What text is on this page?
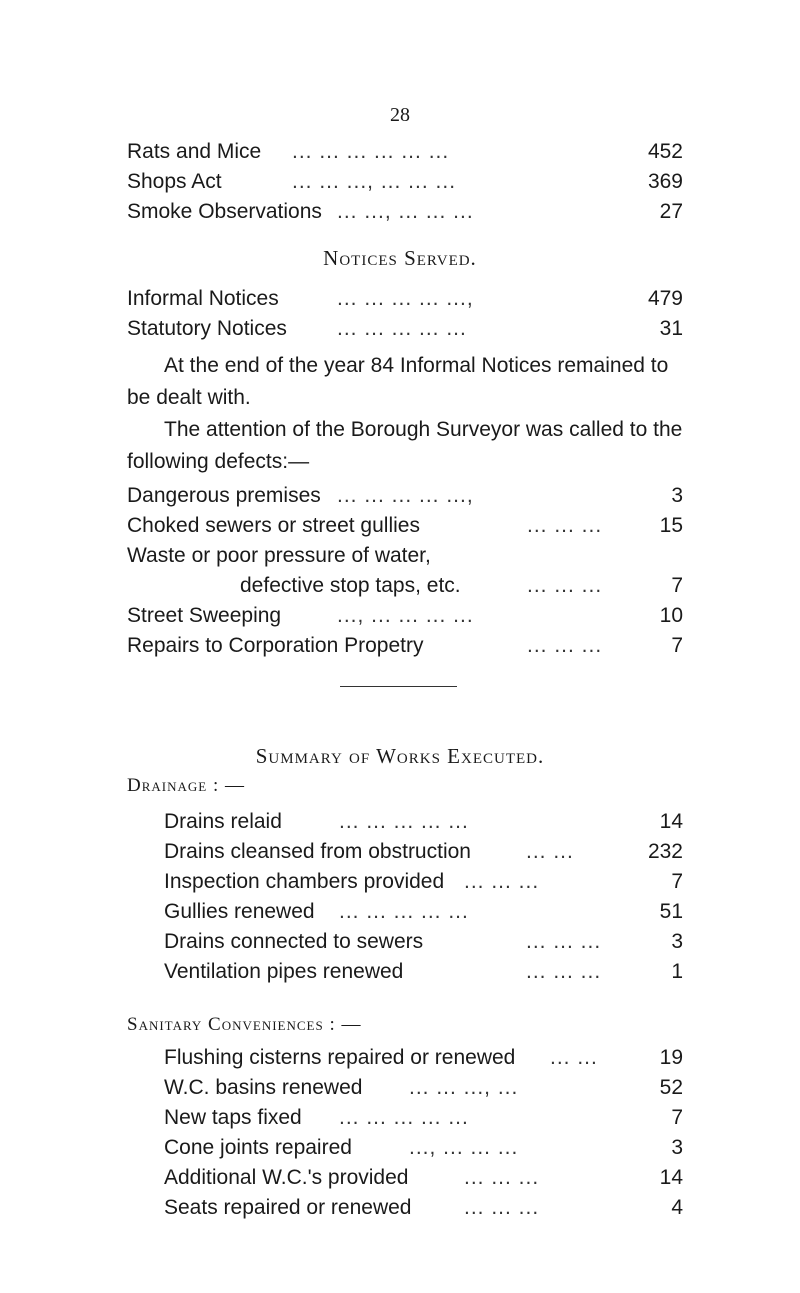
28
Rats and Mice ... ... ... ... ... ...	452
Shops Act	... ... ..., ... ... ...	369
Smoke Observations ... ..., ... ... ...	27
Notices Served.
Informal Notices	... ... ... ... ...,	479
Statutory Notices ... ... ... ... ...	31
At the end of the year 84 Informal Notices remained to
be dealt with.
The attention of the Borough Surveyor was called to the
following defects:—
Dangerous premises ... ... ... ... ...,	3
Choked sewers or street gullies	... ... ...	15
Waste or poor pressure of water,
defective stop taps, etc.	... ... ...	7
Street Sweeping	..., ... ... ... ...	10
Repairs to Corporation Propetry	... ... ...	7
Summary of Works Executed.
Drainage : —
Drains relaid	... ... ... ... ...	14
Drains cleansed from obstruction	... ...	232
Inspection chambers provided ... ... ...	7
Gullies renewed ... ... ... ... ...	51
Drains connected to sewers	... ... ...	3
Ventilation pipes renewed	... ... ...	1
Sanitary Conveniences : —
Flushing cisterns repaired or renewed ... ...	19
W.C. basins renewed ... ... ..., ...	52
New taps fixed ... ... ... ... ...	7
Cone joints repaired	..., ... ... ...	3
Additional W.C.'s provided	... ... ...	14
Seats repaired or renewed	... ... ...	4
